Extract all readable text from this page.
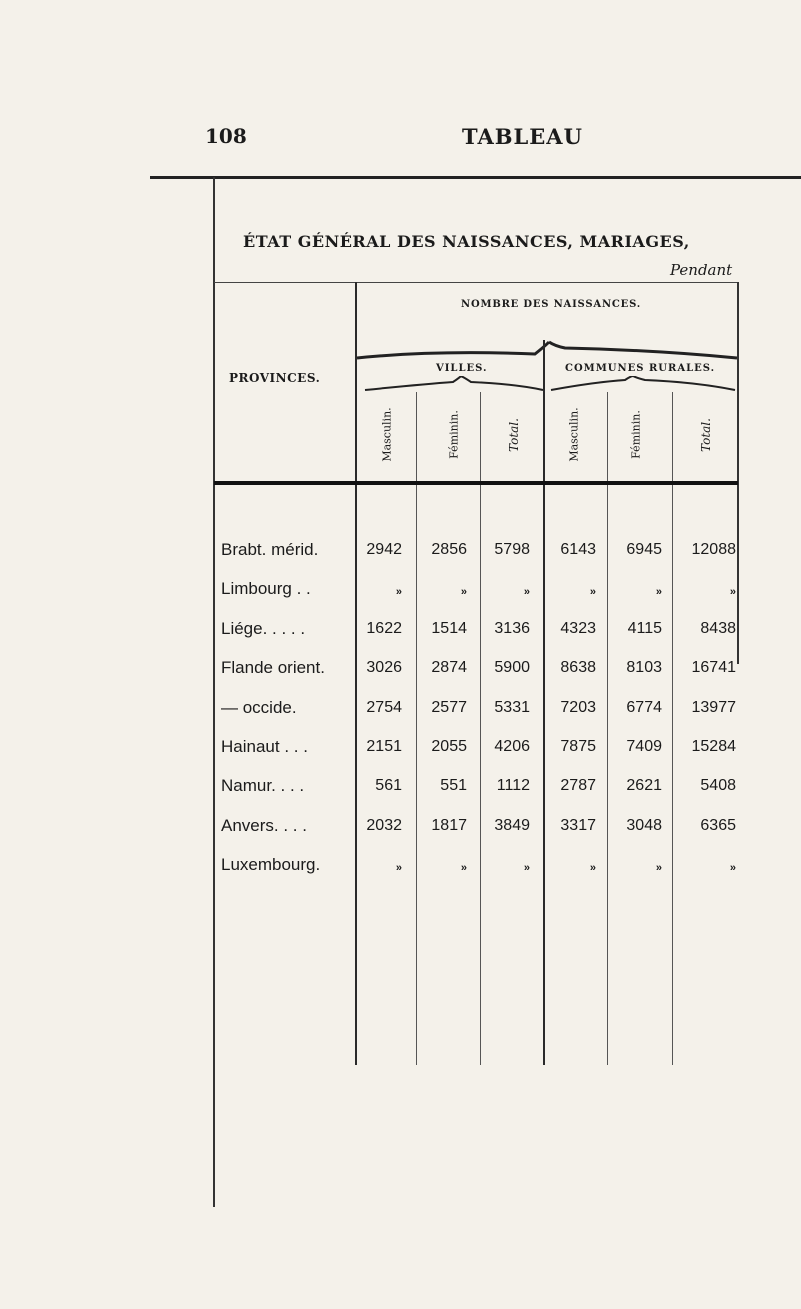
108	TABLEAU
ÉTAT GÉNÉRAL DES NAISSANCES, MARIAGES,
Pendant
PROVINCES.
NOMBRE DES NAISSANCES.
VILLES.	COMMUNES RURALES.
Masculin.	Féminin.	Total.	Masculin.	Féminin.	Total.
Brabt. mérid.	2942	2856	5798	6143	6945	12088
Limbourg . .	»	»	»	»	»	»
Liége. . . . .	1622	1514	3136	4323	4115	8438
Flande orient.	3026	2874	5900	8638	8103	16741
— occide.	2754	2577	5331	7203	6774	13977
Hainaut . . .	2151	2055	4206	7875	7409	15284
Namur. . . .	561	551	1112	2787	2621	5408
Anvers. . . .	2032	1817	3849	3317	3048	6365
Luxembourg.	»	»	»	»	»	»
